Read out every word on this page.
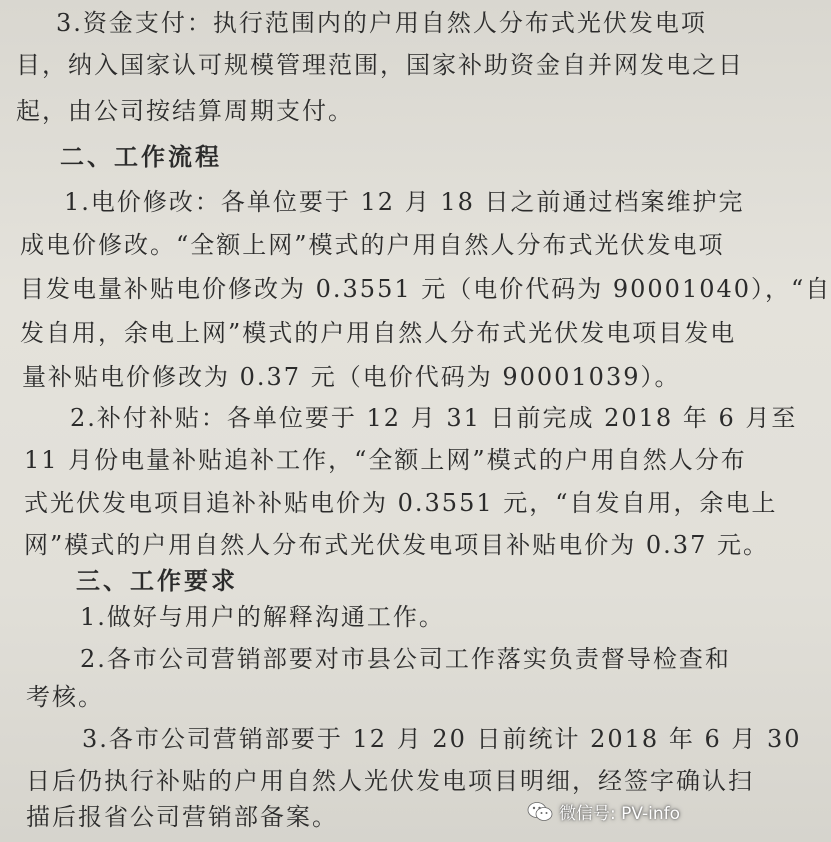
3.资金支付：执行范围内的户用自然人分布式光伏发电项
目，纳入国家认可规模管理范围，国家补助资金自并网发电之日
起，由公司按结算周期支付。
二、工作流程
1.电价修改：各单位要于 12 月 18 日之前通过档案维护完
成电价修改。“全额上网”模式的户用自然人分布式光伏发电项
目发电量补贴电价修改为 0.3551 元（电价代码为 90001040），“自
发自用，余电上网”模式的户用自然人分布式光伏发电项目发电
量补贴电价修改为 0.37 元（电价代码为 90001039）。
2.补付补贴：各单位要于 12 月 31 日前完成 2018 年 6 月至
11 月份电量补贴追补工作，“全额上网”模式的户用自然人分布
式光伏发电项目追补补贴电价为 0.3551 元，“自发自用，余电上
网”模式的户用自然人分布式光伏发电项目补贴电价为 0.37 元。
三、工作要求
1.做好与用户的解释沟通工作。
2.各市公司营销部要对市县公司工作落实负责督导检查和
考核。
3.各市公司营销部要于 12 月 20 日前统计 2018 年 6 月 30
日后仍执行补贴的户用自然人光伏发电项目明细，经签字确认扫
描后报省公司营销部备案。	微信号: PV-info
